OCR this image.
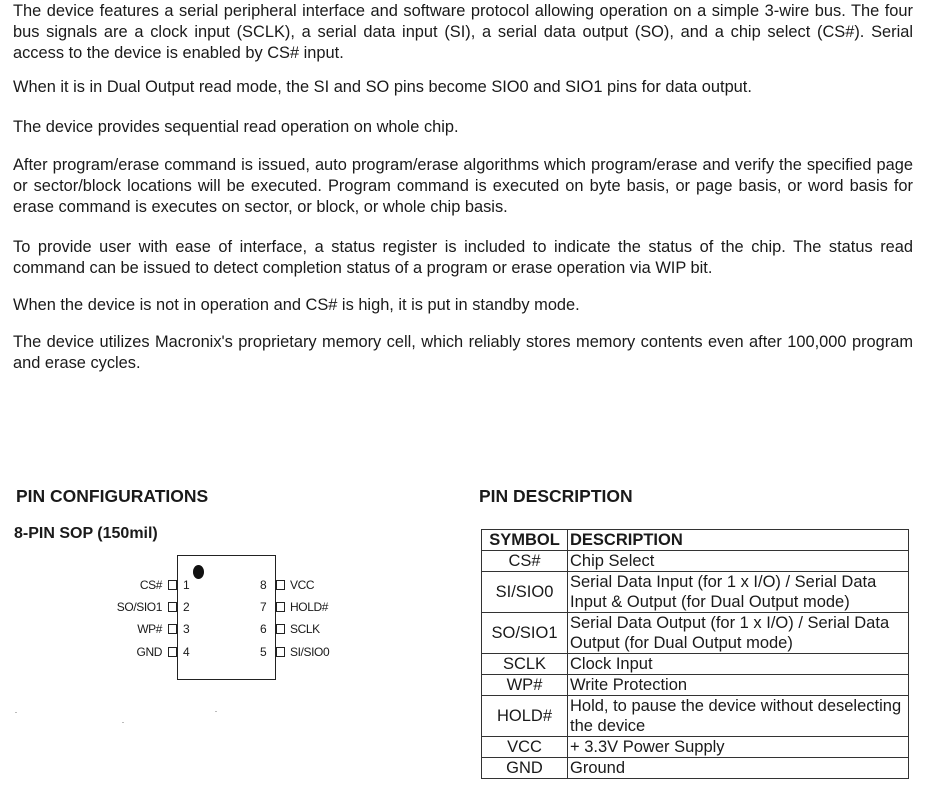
The device features a serial peripheral interface and software protocol allowing operation on a simple 3-wire bus. The four bus signals are a clock input (SCLK), a serial data input (SI), a serial data output (SO), and a chip select (CS#). Serial access to the device is enabled by CS# input.

When it is in Dual Output read mode, the SI and SO pins become SIO0 and SIO1 pins for data output.

The device provides sequential read operation on whole chip.

After program/erase command is issued, auto program/erase algorithms which program/erase and verify the specified page or sector/block locations will be executed. Program command is executed on byte basis, or page basis, or word basis for erase command is executes on sector, or block, or whole chip basis.

To provide user with ease of interface, a status register is included to indicate the status of the chip. The status read command can be issued to detect completion status of a program or erase operation via WIP bit.

When the device is not in operation and CS# is high, it is put in standby mode.

The device utilizes Macronix's proprietary memory cell, which reliably stores memory contents even after 100,000 program and erase cycles.

PIN CONFIGURATIONS
8-PIN SOP (150mil)
CS# 1
SO/SIO1 2
WP# 3
GND 4
8 VCC
7 HOLD#
6 SCLK
5 SI/SIO0
PIN DESCRIPTION
SYMBOL	DESCRIPTION
CS#	Chip Select
SI/SIO0	Serial Data Input (for 1 x I/O) / Serial Data Input & Output (for Dual Output mode)
SO/SIO1	Serial Data Output (for 1 x I/O) / Serial Data Output (for Dual Output mode)
SCLK	Clock Input
WP#	Write Protection
HOLD#	Hold, to pause the device without deselecting the device
VCC	+ 3.3V Power Supply
GND	Ground
